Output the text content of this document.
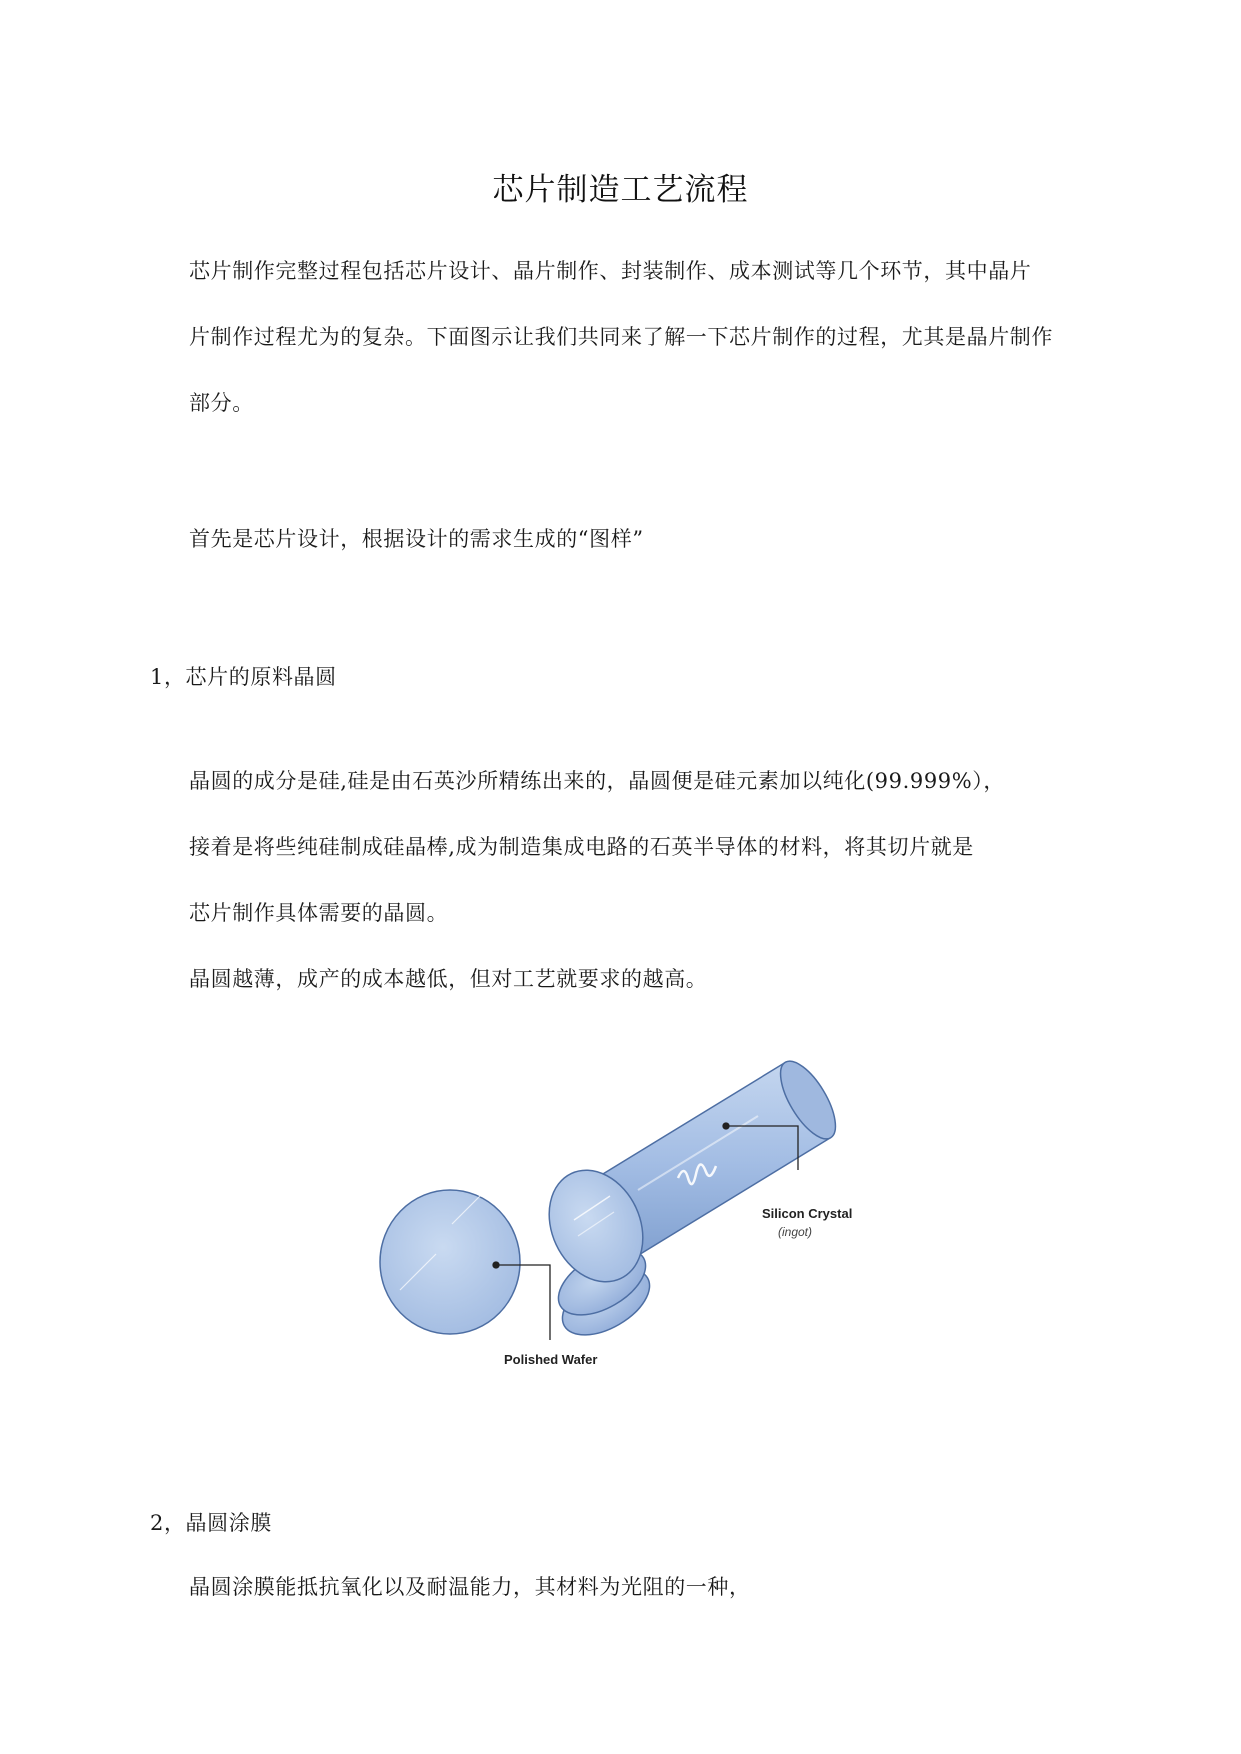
芯片制造工艺流程
芯片制作完整过程包括芯片设计、晶片制作、封装制作、成本测试等几个环节，其中晶片
片制作过程尤为的复杂。下面图示让我们共同来了解一下芯片制作的过程，尤其是晶片制作
部分。
首先是芯片设计，根据设计的需求生成的“图样”
1，芯片的原料晶圆
晶圆的成分是硅,硅是由石英沙所精练出来的，晶圆便是硅元素加以纯化(99.999%），
接着是将些纯硅制成硅晶棒,成为制造集成电路的石英半导体的材料，将其切片就是
芯片制作具体需要的晶圆。
晶圆越薄，成产的成本越低，但对工艺就要求的越高。
Silicon Crystal
(ingot)
Polished Wafer
2，晶圆涂膜
晶圆涂膜能抵抗氧化以及耐温能力，其材料为光阻的一种，
